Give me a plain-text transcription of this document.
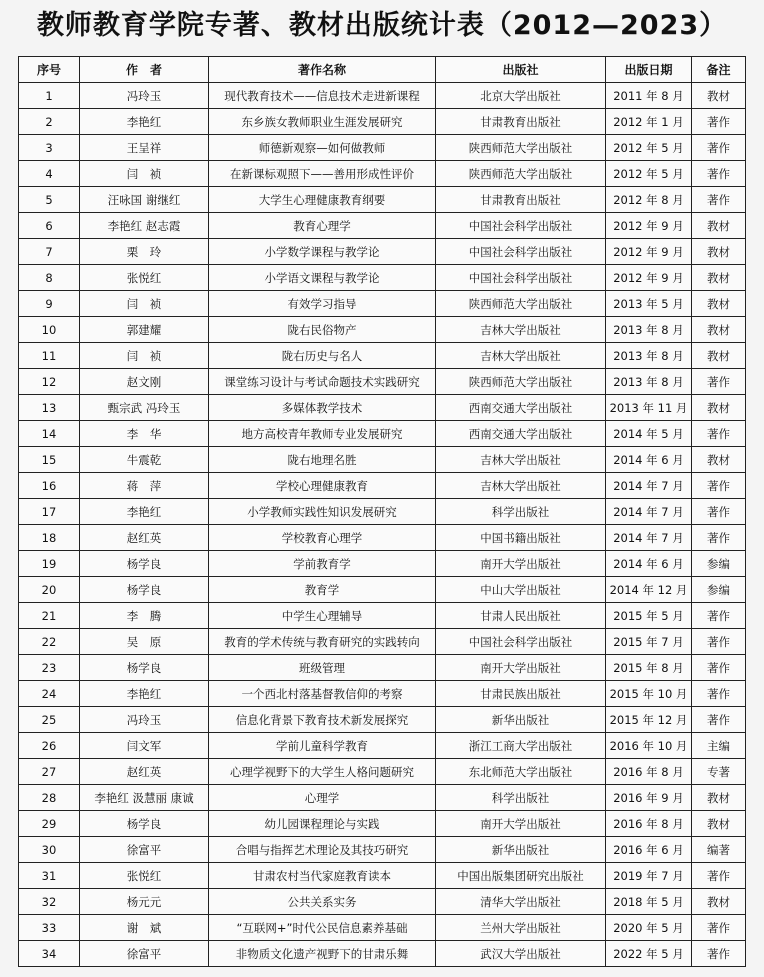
教师教育学院专著、教材出版统计表（2012—2023）
序号	作　者	著作名称	出版社	出版日期	备注
1	冯玲玉	现代教育技术——信息技术走进新课程	北京大学出版社	2011 年 8 月	教材
2	李艳红	东乡族女教师职业生涯发展研究	甘肃教育出版社	2012 年 1 月	著作
3	王呈祥	师德新观察—如何做教师	陕西师范大学出版社	2012 年 5 月	著作
4	闫　祯	在新课标观照下——善用形成性评价	陕西师范大学出版社	2012 年 5 月	著作
5	汪咏国 谢继红	大学生心理健康教育纲要	甘肃教育出版社	2012 年 8 月	著作
6	李艳红 赵志霞	教育心理学	中国社会科学出版社	2012 年 9 月	教材
7	栗　玲	小学数学课程与教学论	中国社会科学出版社	2012 年 9 月	教材
8	张悦红	小学语文课程与教学论	中国社会科学出版社	2012 年 9 月	教材
9	闫　祯	有效学习指导	陕西师范大学出版社	2013 年 5 月	教材
10	郭建耀	陇右民俗物产	吉林大学出版社	2013 年 8 月	教材
11	闫　祯	陇右历史与名人	吉林大学出版社	2013 年 8 月	教材
12	赵文刚	课堂练习设计与考试命题技术实践研究	陕西师范大学出版社	2013 年 8 月	著作
13	甄宗武 冯玲玉	多媒体教学技术	西南交通大学出版社	2013 年 11 月	教材
14	李　华	地方高校青年教师专业发展研究	西南交通大学出版社	2014 年 5 月	著作
15	牛震乾	陇右地理名胜	吉林大学出版社	2014 年 6 月	教材
16	蒋　萍	学校心理健康教育	吉林大学出版社	2014 年 7 月	著作
17	李艳红	小学教师实践性知识发展研究	科学出版社	2014 年 7 月	著作
18	赵红英	学校教育心理学	中国书籍出版社	2014 年 7 月	著作
19	杨学良	学前教育学	南开大学出版社	2014 年 6 月	参编
20	杨学良	教育学	中山大学出版社	2014 年 12 月	参编
21	李　腾	中学生心理辅导	甘肃人民出版社	2015 年 5 月	著作
22	吴　原	教育的学术传统与教育研究的实践转向	中国社会科学出版社	2015 年 7 月	著作
23	杨学良	班级管理	南开大学出版社	2015 年 8 月	著作
24	李艳红	一个西北村落基督教信仰的考察	甘肃民族出版社	2015 年 10 月	著作
25	冯玲玉	信息化背景下教育技术新发展探究	新华出版社	2015 年 12 月	著作
26	闫文军	学前儿童科学教育	浙江工商大学出版社	2016 年 10 月	主编
27	赵红英	心理学视野下的大学生人格问题研究	东北师范大学出版社	2016 年 8 月	专著
28	李艳红 汲慧丽 康诚	心理学	科学出版社	2016 年 9 月	教材
29	杨学良	幼儿园课程理论与实践	南开大学出版社	2016 年 8 月	教材
30	徐富平	合唱与指挥艺术理论及其技巧研究	新华出版社	2016 年 6 月	编著
31	张悦红	甘肃农村当代家庭教育读本	中国出版集团研究出版社	2019 年 7 月	著作
32	杨元元	公共关系实务	清华大学出版社	2018 年 5 月	教材
33	谢　斌	“互联网+”时代公民信息素养基础	兰州大学出版社	2020 年 5 月	著作
34	徐富平	非物质文化遗产视野下的甘肃乐舞	武汉大学出版社	2022 年 5 月	著作
